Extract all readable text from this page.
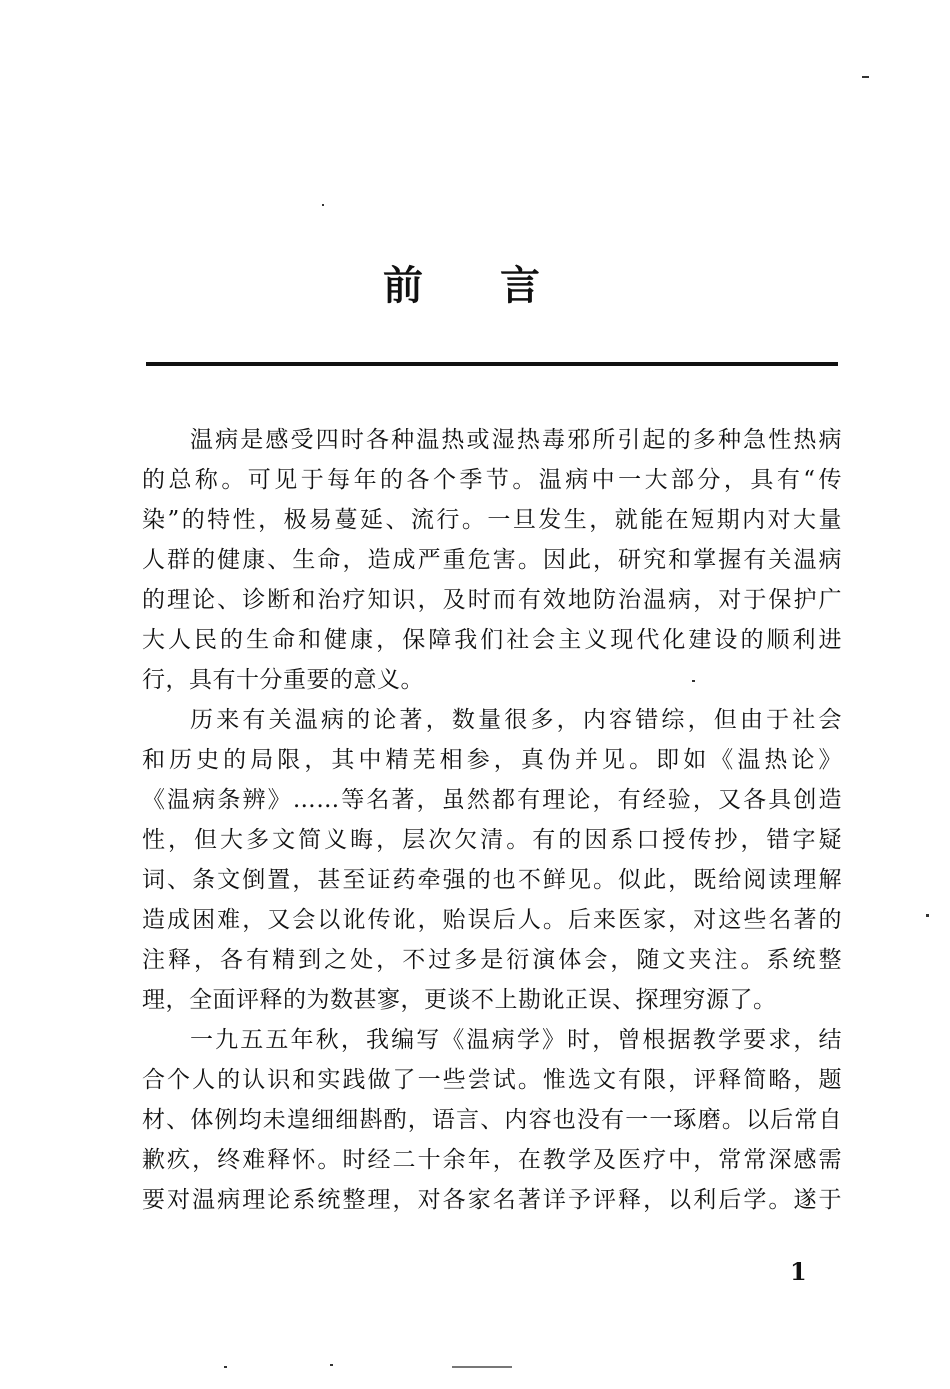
前 言
温病是感受四时各种温热或湿热毒邪所引起的多种急性热病
的总称。可见于每年的各个季节。温病中一大部分，具有“传
染”的特性，极易蔓延、流行。一旦发生，就能在短期内对大量
人群的健康、生命，造成严重危害。因此，研究和掌握有关温病
的理论、诊断和治疗知识，及时而有效地防治温病，对于保护广
大人民的生命和健康，保障我们社会主义现代化建设的顺利进
行，具有十分重要的意义。
历来有关温病的论著，数量很多，内容错综，但由于社会
和历史的局限，其中精芜相参，真伪并见。即如《温热论》
《温病条辨》……等名著，虽然都有理论，有经验，又各具创造
性，但大多文简义晦，层次欠清。有的因系口授传抄，错字疑
词、条文倒置，甚至证药牵强的也不鲜见。似此，既给阅读理解
造成困难，又会以讹传讹，贻误后人。后来医家，对这些名著的
注释，各有精到之处，不过多是衍演体会，随文夹注。系统整
理，全面评释的为数甚寥，更谈不上勘讹正误、探理穷源了。
一九五五年秋，我编写《温病学》时，曾根据教学要求，结
合个人的认识和实践做了一些尝试。惟选文有限，评释简略，题
材、体例均未遑细细斟酌，语言、内容也没有一一琢磨。以后常自
歉疚，终难释怀。时经二十余年，在教学及医疗中，常常深感需
要对温病理论系统整理，对各家名著详予评释，以利后学。遂于
1
